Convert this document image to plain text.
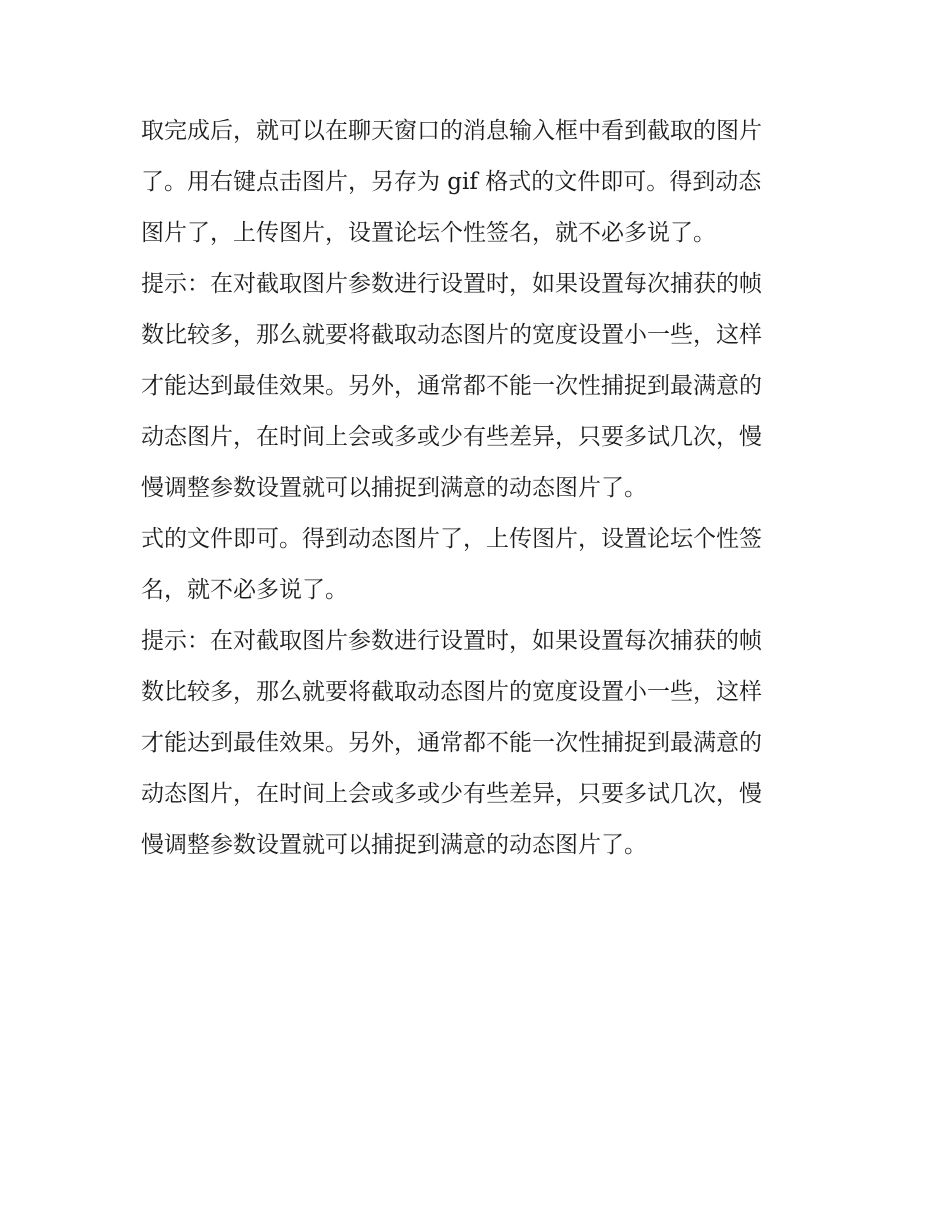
取完成后，就可以在聊天窗口的消息输入框中看到截取的图片
了。用右键点击图片，另存为 gif 格式的文件即可。得到动态
图片了，上传图片，设置论坛个性签名，就不必多说了。

提示：在对截取图片参数进行设置时，如果设置每次捕获的帧
数比较多，那么就要将截取动态图片的宽度设置小一些，这样
才能达到最佳效果。另外，通常都不能一次性捕捉到最满意的
动态图片，在时间上会或多或少有些差异，只要多试几次，慢
慢调整参数设置就可以捕捉到满意的动态图片了。

式的文件即可。得到动态图片了，上传图片，设置论坛个性签
名，就不必多说了。

提示：在对截取图片参数进行设置时，如果设置每次捕获的帧
数比较多，那么就要将截取动态图片的宽度设置小一些，这样
才能达到最佳效果。另外，通常都不能一次性捕捉到最满意的
动态图片，在时间上会或多或少有些差异，只要多试几次，慢
慢调整参数设置就可以捕捉到满意的动态图片了。
